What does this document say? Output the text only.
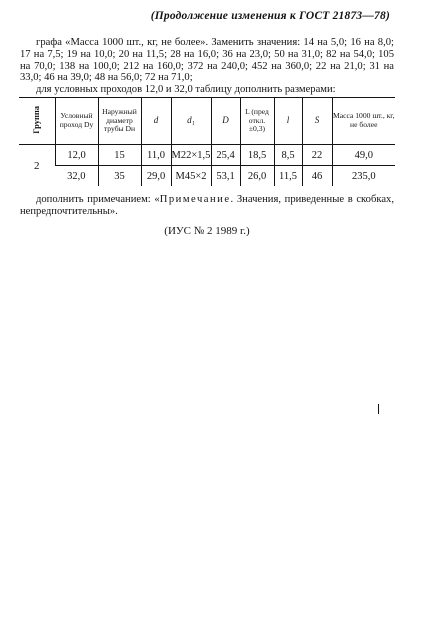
(Продолжение изменения к ГОСТ 21873—78)
графа «Масса 1000 шт., кг, не более». Заменить значения: 14 на 5,0; 16 на 8,0; 17 на 7,5; 19 на 10,0; 20 на 11,5; 28 на 16,0; 36 на 23,0; 50 на 31,0; 82 на 54,0; 105 на 70,0; 138 на 100,0; 212 на 160,0; 372 на 240,0; 452 на 360,0; 22 на 21,0; 31 на 33,0; 46 на 39,0; 48 на 56,0; 72 на 71,0;
для условных проходов 12,0 и 32,0 таблицу дополнить размерами:
Группа	Условный проход Dу	Наружный диаметр трубы Dн	d	d₁	D	L (пред откл. ±0,3)	l	S	Масса 1000 шт., кг, не более
2	12,0	15	11,0	M22×1,5	25,4	18,5	8,5	22	49,0
	32,0	35	29,0	M45×2	53,1	26,0	11,5	46	235,0
дополнить примечанием: «Примечание. Значения, приведенные в скобках, непредпочтительны».
(ИУС № 2 1989 г.)
